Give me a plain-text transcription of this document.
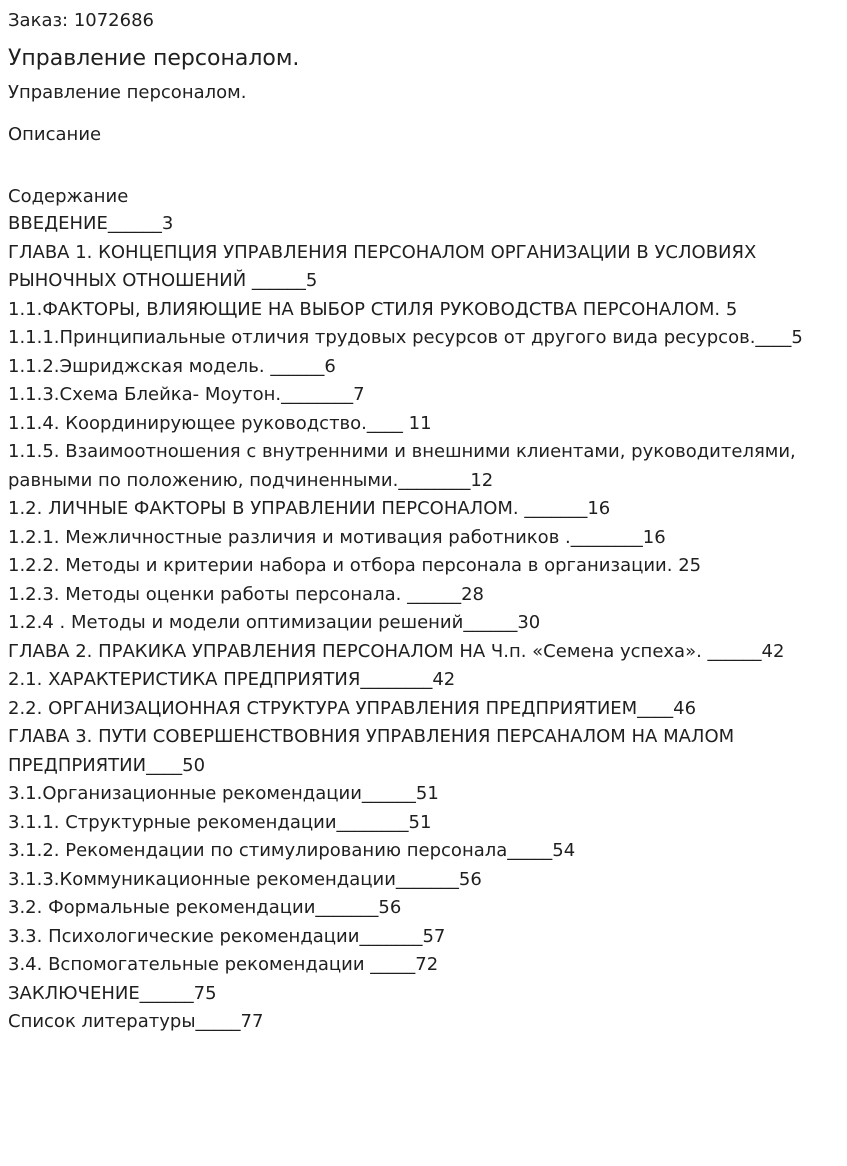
Заказ: 1072686

Управление персоналом.

Управление персоналом.

Описание

Содержание

ВВЕДЕНИЕ______3
ГЛАВА 1. КОНЦЕПЦИЯ УПРАВЛЕНИЯ ПЕРСОНАЛОМ ОРГАНИЗАЦИИ В УСЛОВИЯХ РЫНОЧНЫХ ОТНОШЕНИЙ ______5
1.1.ФАКТОРЫ, ВЛИЯЮЩИЕ НА ВЫБОР СТИЛЯ РУКОВОДСТВА ПЕРСОНАЛОМ. 5
1.1.1.Принципиальные отличия трудовых ресурсов от другого вида ресурсов.____5
1.1.2.Эшриджская модель. ______6
1.1.3.Схема Блейка- Моутон.________7
1.1.4. Координирующее руководство.____ 11
1.1.5. Взаимоотношения с внутренними и внешними клиентами, руководителями, равными по положению, подчиненными.________12
1.2. ЛИЧНЫЕ ФАКТОРЫ В УПРАВЛЕНИИ ПЕРСОНАЛОМ. _______16
1.2.1. Межличностные различия и мотивация работников .________16
1.2.2. Методы и критерии набора и отбора персонала в организации. 25
1.2.3. Методы оценки работы персонала. ______28
1.2.4 . Методы и модели оптимизации решений______30
ГЛАВА 2. ПРАКИКА УПРАВЛЕНИЯ ПЕРСОНАЛОМ НА Ч.п. «Семена успеха». ______42
2.1. ХАРАКТЕРИСТИКА ПРЕДПРИЯТИЯ________42
2.2. ОРГАНИЗАЦИОННАЯ СТРУКТУРА УПРАВЛЕНИЯ ПРЕДПРИЯТИЕМ____46
ГЛАВА 3. ПУТИ СОВЕРШЕНСТВОВНИЯ УПРАВЛЕНИЯ ПЕРСАНАЛОМ НА МАЛОМ ПРЕДПРИЯТИИ____50
3.1.Организационные рекомендации______51
3.1.1. Структурные рекомендации________51
3.1.2. Рекомендации по стимулированию персонала_____54
3.1.3.Коммуникационные рекомендации_______56
3.2. Формальные рекомендации_______56
3.3. Психологические рекомендации_______57
3.4. Вспомогательные рекомендации _____72
ЗАКЛЮЧЕНИЕ______75
Список литературы_____77
